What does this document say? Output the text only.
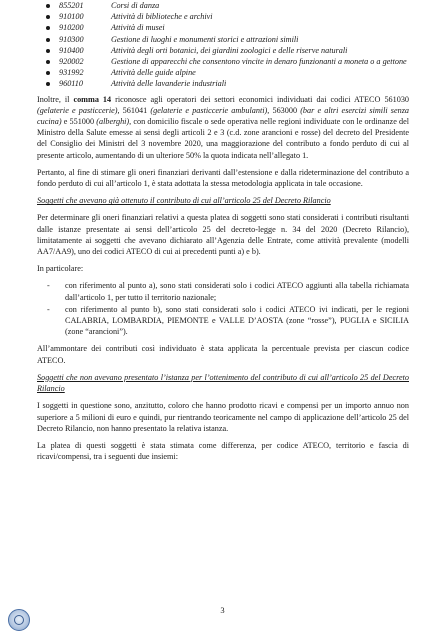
855201	Corsi di danza
910100	Attività di biblioteche e archivi
910200	Attività di musei
910300	Gestione di luoghi e monumenti storici e attrazioni simili
910400	Attività degli orti botanici, dei giardini zoologici e delle riserve naturali
920002	Gestione di apparecchi che consentono vincite in denaro funzionanti a moneta o a gettone
931992	Attività delle guide alpine
960110	Attività delle lavanderie industriali

Inoltre, il comma 14 riconosce agli operatori dei settori economici individuati dai codici ATECO 561030 (gelaterie e pasticcerie), 561041 (gelaterie e pasticcerie ambulanti), 563000 (bar e altri esercizi simili senza cucina) e 551000 (alberghi), con domicilio fiscale o sede operativa nelle regioni individuate con le ordinanze del Ministro della Salute emesse ai sensi degli articoli 2 e 3 (c.d. zone arancioni e rosse) del decreto del Presidente del Consiglio dei Ministri del 3 novembre 2020, una maggiorazione del contributo a fondo perduto di cui al presente articolo, aumentando di un ulteriore 50% la quota indicata nell’allegato 1.

Pertanto, al fine di stimare gli oneri finanziari derivanti dall’estensione e dalla rideterminazione del contributo a fondo perduto di cui all’articolo 1, è stata adottata la stessa metodologia applicata in tale occasione.

Soggetti che avevano già ottenuto il contributo di cui all’articolo 25 del Decreto Rilancio

Per determinare gli oneri finanziari relativi a questa platea di soggetti sono stati considerati i contributi risultanti dalle istanze presentate ai sensi dell’articolo 25 del decreto-legge n. 34 del 2020 (Decreto Rilancio), limitatamente ai soggetti che avevano dichiarato all’Agenzia delle Entrate, come attività prevalente (modelli AA7/AA9), uno dei codici ATECO di cui ai precedenti punti a) e b).

In particolare:

- con riferimento al punto a), sono stati considerati solo i codici ATECO aggiunti alla tabella richiamata dall’articolo 1, per tutto il territorio nazionale;
- con riferimento al punto b), sono stati considerati solo i codici ATECO ivi indicati, per le regioni CALABRIA, LOMBARDIA, PIEMONTE e VALLE D’AOSTA (zone “rosse”), PUGLIA e SICILIA (zone “arancioni”).

All’ammontare dei contributi così individuato è stata applicata la percentuale prevista per ciascun codice ATECO.

Soggetti che non avevano presentato l’istanza per l’ottenimento del contributo di cui all’articolo 25 del Decreto Rilancio

I soggetti in questione sono, anzitutto, coloro che hanno prodotto ricavi e compensi per un importo annuo non superiore a 5 milioni di euro e quindi, pur rientrando teoricamente nel campo di applicazione dell’articolo 25 del Decreto Rilancio, non hanno presentato la relativa istanza.

La platea di questi soggetti è stata stimata come differenza, per codice ATECO, territorio e fascia di ricavi/compensi, tra i seguenti due insiemi:

3
